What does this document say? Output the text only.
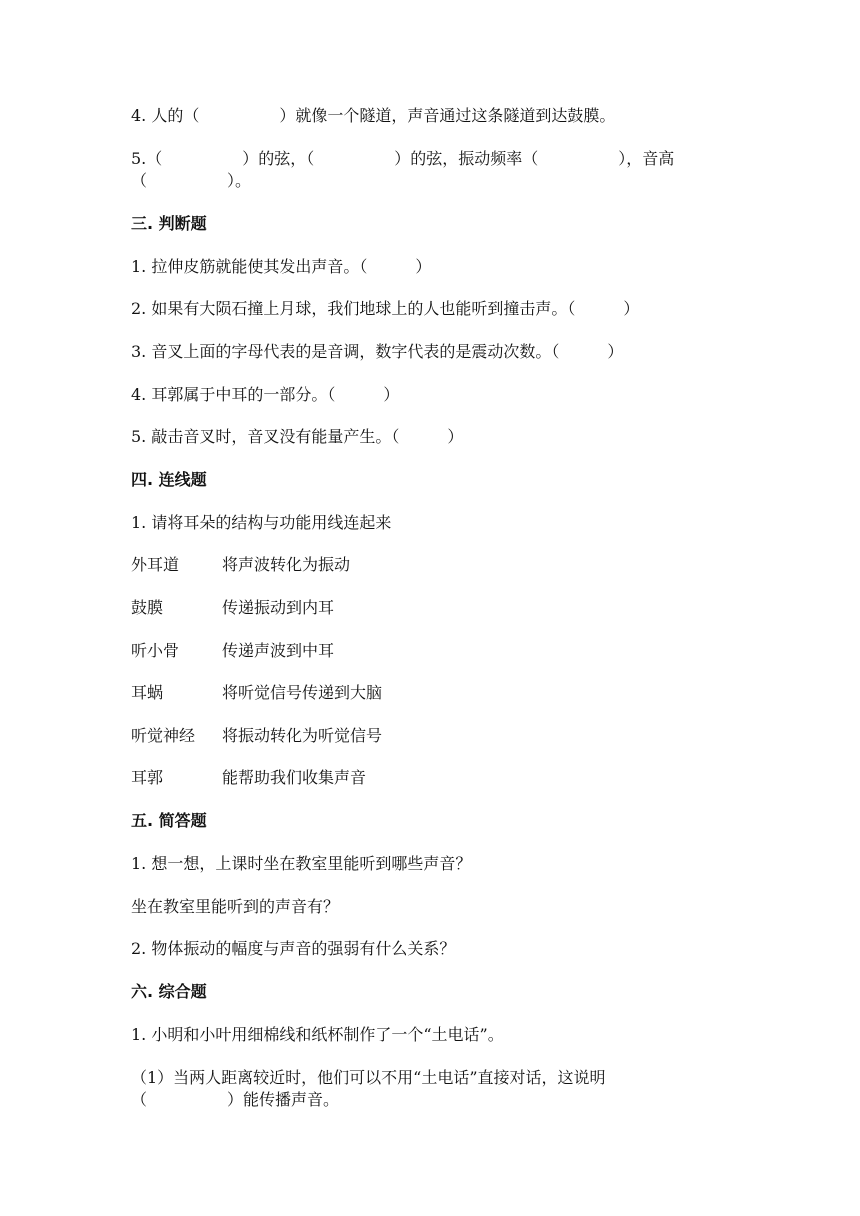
4. 人的（　　　　　）就像一个隧道，声音通过这条隧道到达鼓膜。
5.（　　　　　）的弦，（　　　　　）的弦，振动频率（　　　　　），音高
（　　　　　）。
三. 判断题
1. 拉伸皮筋就能使其发出声音。（　　　）
2. 如果有大陨石撞上月球，我们地球上的人也能听到撞击声。（　　　）
3. 音叉上面的字母代表的是音调，数字代表的是震动次数。（　　　）
4. 耳郭属于中耳的一部分。（　　　）
5. 敲击音叉时，音叉没有能量产生。（　　　）
四. 连线题
1. 请将耳朵的结构与功能用线连起来
外耳道	将声波转化为振动
鼓膜	传递振动到内耳
听小骨	传递声波到中耳
耳蜗	将听觉信号传递到大脑
听觉神经 将振动转化为听觉信号
耳郭	能帮助我们收集声音
五. 简答题
1. 想一想，上课时坐在教室里能听到哪些声音？
坐在教室里能听到的声音有？
2. 物体振动的幅度与声音的强弱有什么关系？
六. 综合题
1. 小明和小叶用细棉线和纸杯制作了一个“土电话”。
（1）当两人距离较近时，他们可以不用“土电话”直接对话，这说明
（　　　　　）能传播声音。
